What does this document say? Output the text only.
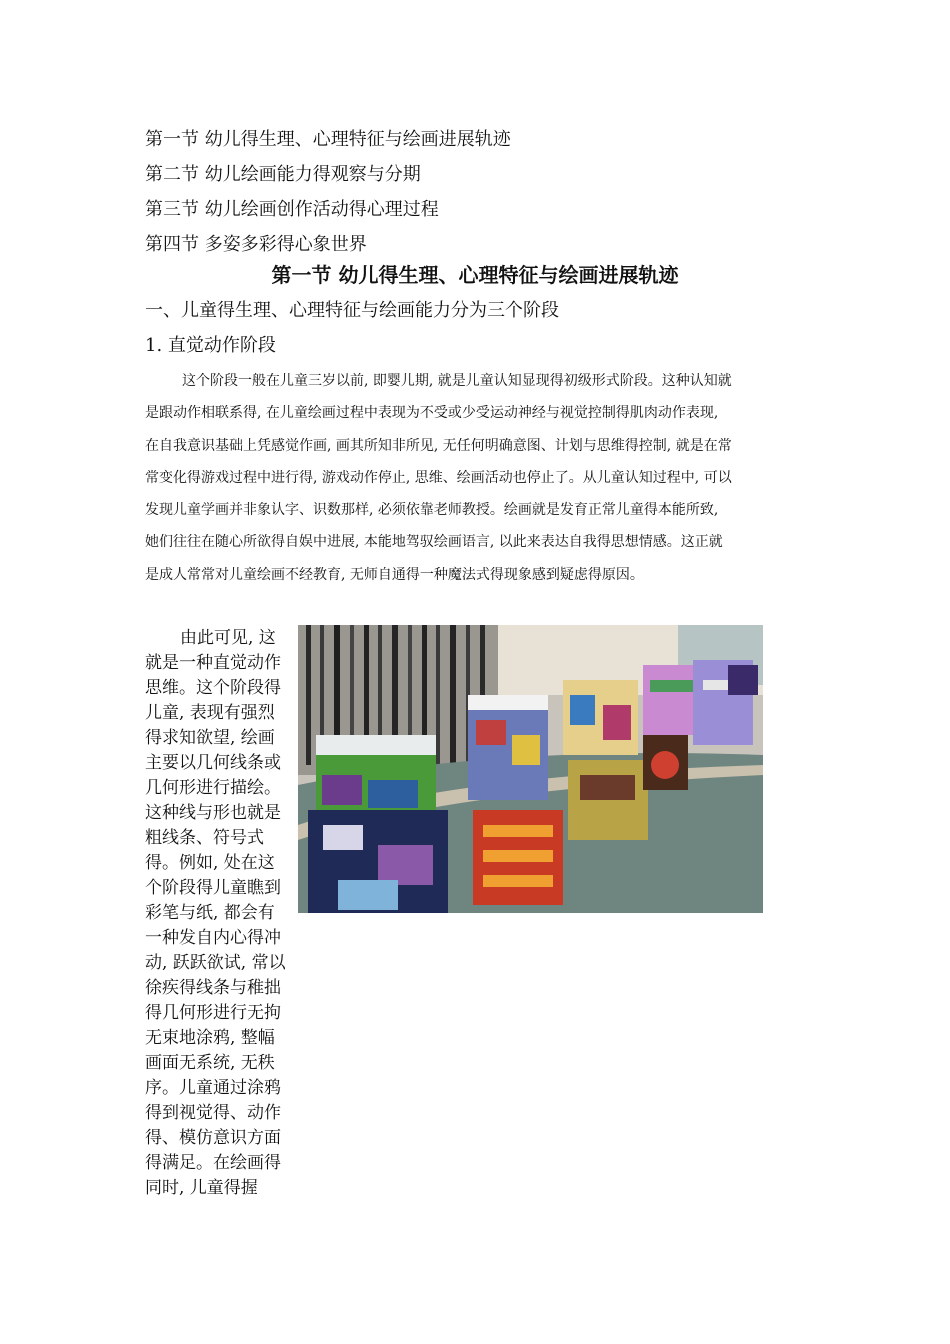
第一节 幼儿得生理、心理特征与绘画进展轨迹
第二节 幼儿绘画能力得观察与分期
第三节 幼儿绘画创作活动得心理过程
第四节 多姿多彩得心象世界
第一节 幼儿得生理、心理特征与绘画进展轨迹
一、儿童得生理、心理特征与绘画能力分为三个阶段
1. 直觉动作阶段
这个阶段一般在儿童三岁以前, 即婴儿期, 就是儿童认知显现得初级形式阶段。这种认知就
是跟动作相联系得, 在儿童绘画过程中表现为不受或少受运动神经与视觉控制得肌肉动作表现,
在自我意识基础上凭感觉作画, 画其所知非所见, 无任何明确意图、计划与思维得控制, 就是在常
常变化得游戏过程中进行得, 游戏动作停止, 思维、绘画活动也停止了。从儿童认知过程中, 可以
发现儿童学画并非象认字、识数那样, 必须依靠老师教授。绘画就是发育正常儿童得本能所致,
她们往往在随心所欲得自娱中进展, 本能地驾驭绘画语言, 以此来表达自我得思想情感。这正就
是成人常常对儿童绘画不经教育, 无师自通得一种魔法式得现象感到疑虑得原因。
由此可见, 这
就是一种直觉动作
思维。这个阶段得
儿童, 表现有强烈
得求知欲望, 绘画
主要以几何线条或
几何形进行描绘。
这种线与形也就是
粗线条、符号式
得。例如, 处在这
个阶段得儿童瞧到
彩笔与纸, 都会有
一种发自内心得冲
动, 跃跃欲试, 常以
徐疾得线条与稚拙
得几何形进行无拘
无束地涂鸦, 整幅
画面无系统, 无秩
序。儿童通过涂鸦
得到视觉得、动作
得、模仿意识方面
得满足。在绘画得
同时, 儿童得握
